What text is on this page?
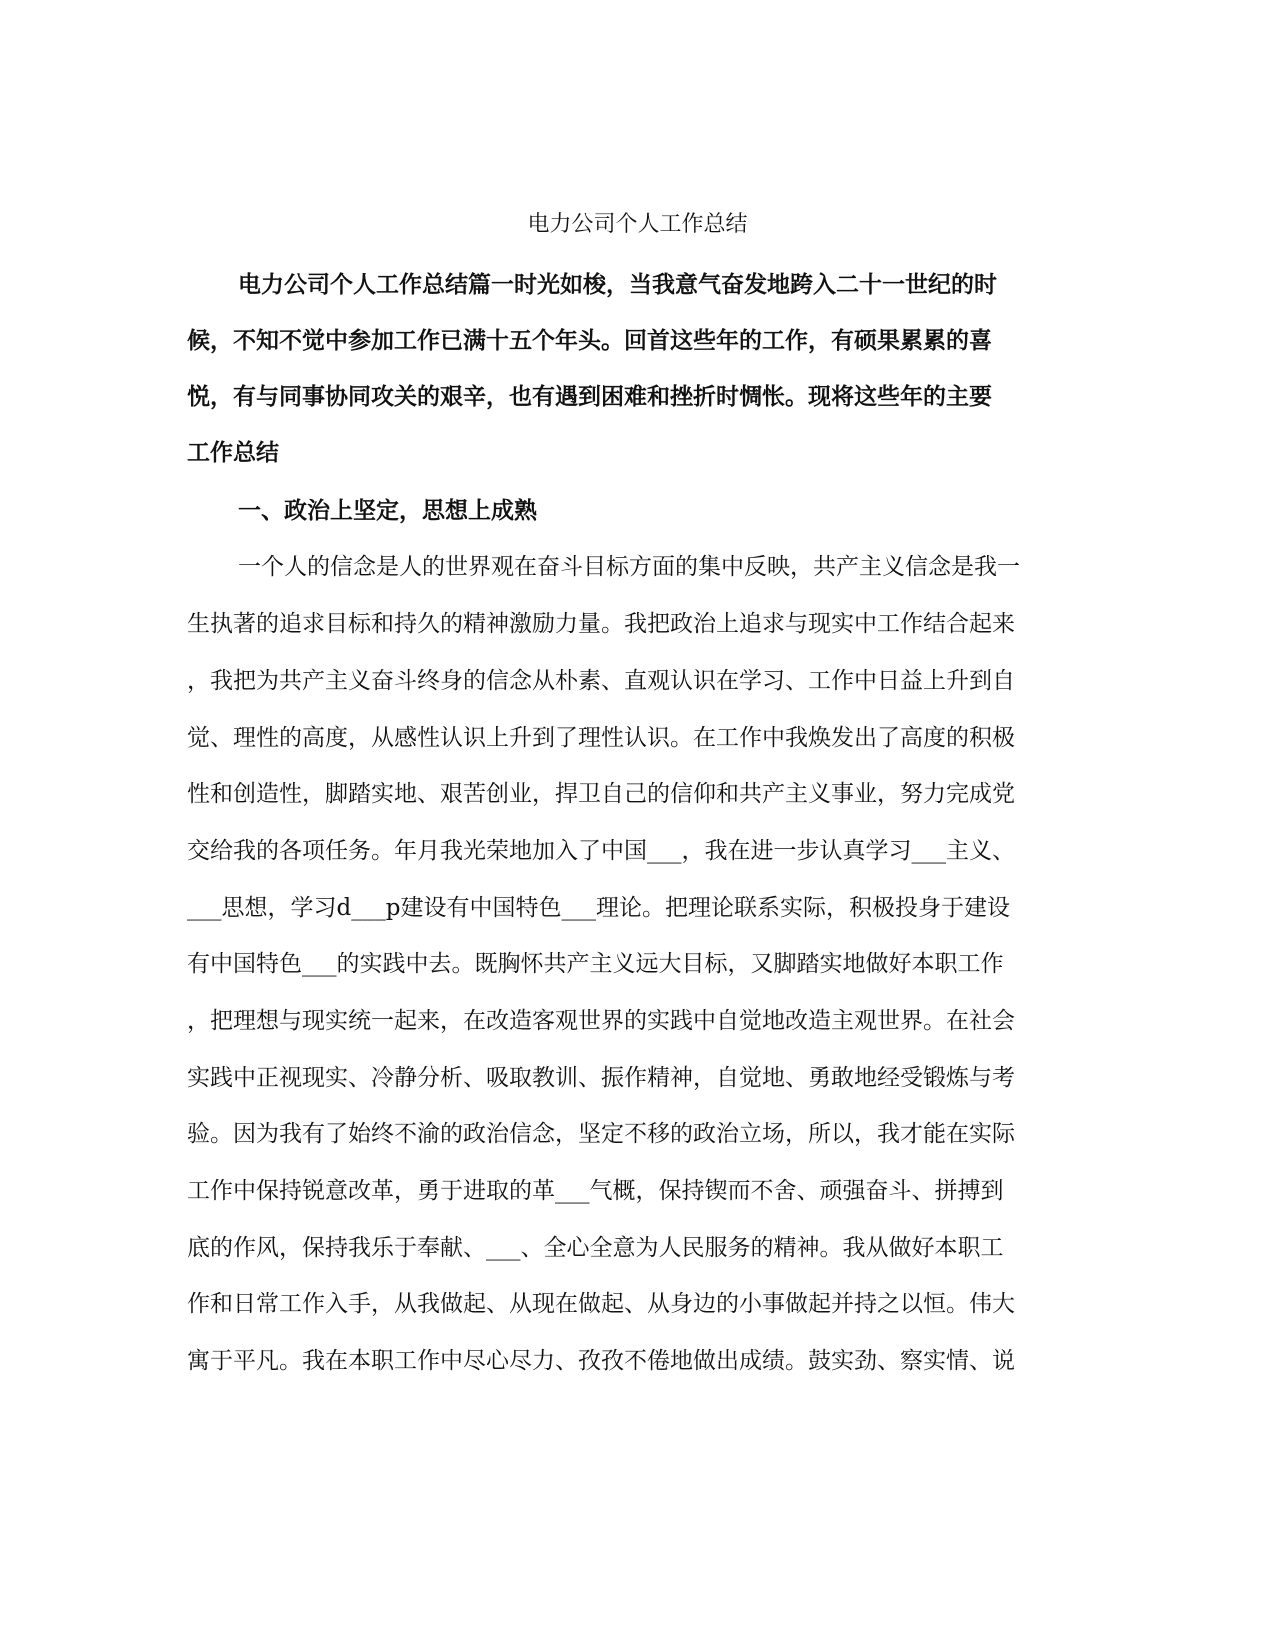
电力公司个人工作总结
电力公司个人工作总结篇一时光如梭，当我意气奋发地跨入二十一世纪的时
候，不知不觉中参加工作已满十五个年头。回首这些年的工作，有硕果累累的喜
悦，有与同事协同攻关的艰辛，也有遇到困难和挫折时惆怅。现将这些年的主要
工作总结
一、政治上坚定，思想上成熟
一个人的信念是人的世界观在奋斗目标方面的集中反映，共产主义信念是我一
生执著的追求目标和持久的精神激励力量。我把政治上追求与现实中工作结合起来
，我把为共产主义奋斗终身的信念从朴素、直观认识在学习、工作中日益上升到自
觉、理性的高度，从感性认识上升到了理性认识。在工作中我焕发出了高度的积极
性和创造性，脚踏实地、艰苦创业，捍卫自己的信仰和共产主义事业，努力完成党
交给我的各项任务。年月我光荣地加入了中国___，我在进一步认真学习___主义、
___思想，学习d___p建设有中国特色___理论。把理论联系实际，积极投身于建设
有中国特色___的实践中去。既胸怀共产主义远大目标，又脚踏实地做好本职工作
，把理想与现实统一起来，在改造客观世界的实践中自觉地改造主观世界。在社会
实践中正视现实、冷静分析、吸取教训、振作精神，自觉地、勇敢地经受锻炼与考
验。因为我有了始终不渝的政治信念，坚定不移的政治立场，所以，我才能在实际
工作中保持锐意改革，勇于进取的革___气概，保持锲而不舍、顽强奋斗、拼搏到
底的作风，保持我乐于奉献、___、全心全意为人民服务的精神。我从做好本职工
作和日常工作入手，从我做起、从现在做起、从身边的小事做起并持之以恒。伟大
寓于平凡。我在本职工作中尽心尽力、孜孜不倦地做出成绩。鼓实劲、察实情、说
